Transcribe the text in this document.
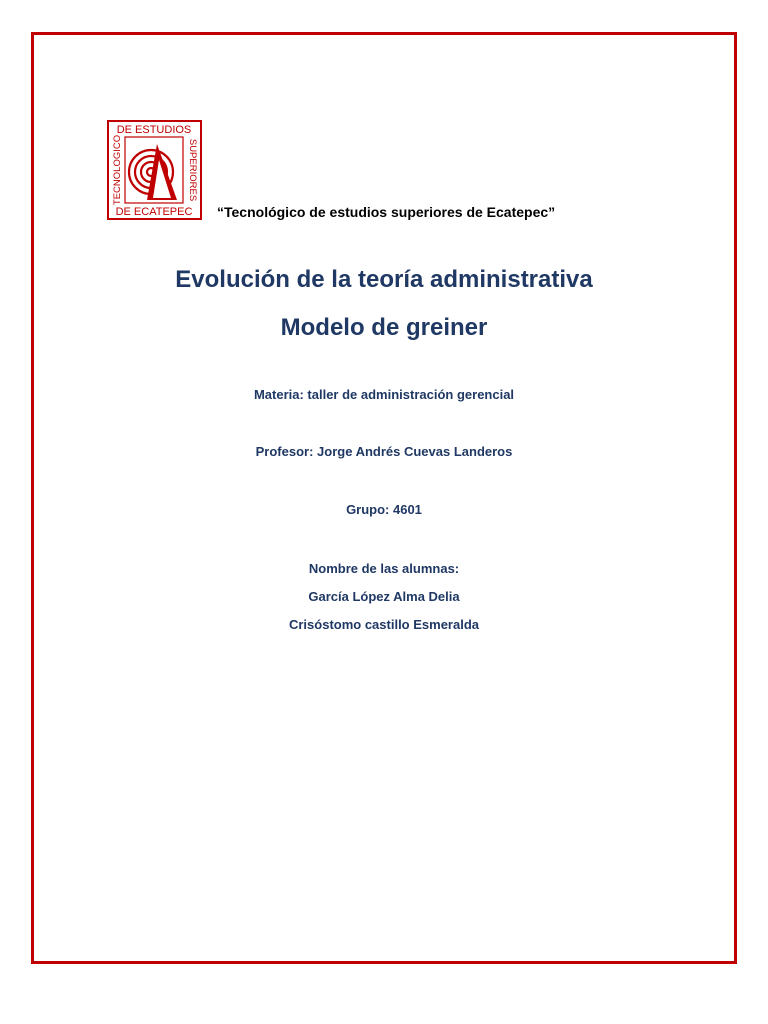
DE ESTUDIOS
DE ECATEPEC
TECNOLOGICO	SUPERIORES
“Tecnológico de estudios superiores de Ecatepec”
Evolución de la teoría administrativa
Modelo de greiner
Materia: taller de administración gerencial
Profesor: Jorge Andrés Cuevas Landeros
Grupo: 4601
Nombre de las alumnas:
García López Alma Delia
Crisóstomo castillo Esmeralda
